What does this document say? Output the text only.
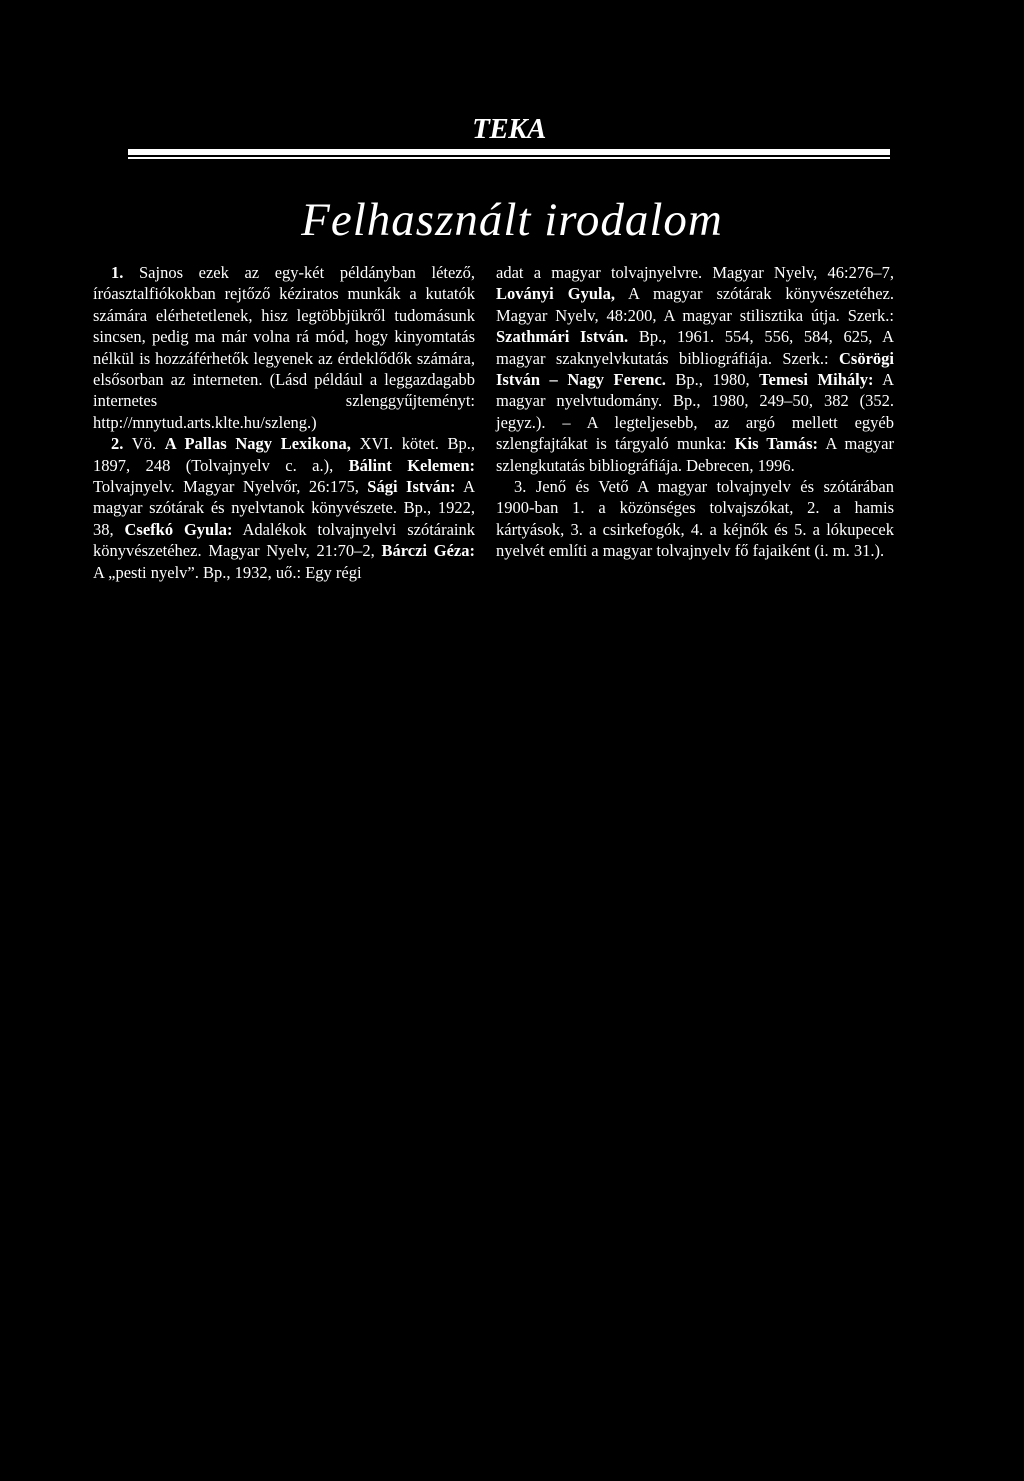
TEKA
Felhasznált irodalom

1. Sajnos ezek az egy-két példányban létező, íróasztalfiókokban rejtőző kéziratos munkák a kutatók számára elérhetetlenek, hisz legtöbbjükről tudomásunk sincsen, pedig ma már volna rá mód, hogy kinyomtatás nélkül is hozzáférhetők legyenek az érdeklődők számára, elsősorban az interneten. (Lásd például a leggazdagabb internetes szlenggyűjteményt: http://mnytud.arts.klte.hu/szleng.)

2. Vö. A Pallas Nagy Lexikona, XVI. kötet. Bp., 1897, 248 (Tolvajnyelv c. a.), Bálint Kelemen: Tolvajnyelv. Magyar Nyelvőr, 26:175, Sági István: A magyar szótárak és nyelvtanok könyvészete. Bp., 1922, 38, Csefkó Gyula: Adalékok tolvajnyelvi szótáraink könyvészetéhez. Magyar Nyelv, 21:70–2, Bárczi Géza: A „pesti nyelv”. Bp., 1932, uő.: Egy régi

adat a magyar tolvajnyelvre. Magyar Nyelv, 46:276–7, Loványi Gyula, A magyar szótárak könyvészetéhez. Magyar Nyelv, 48:200, A magyar stilisztika útja. Szerk.: Szathmári István. Bp., 1961. 554, 556, 584, 625, A magyar szaknyelvkutatás bibliográfiája. Szerk.: Csörögi István – Nagy Ferenc. Bp., 1980, Temesi Mihály: A magyar nyelvtudomány. Bp., 1980, 249–50, 382 (352. jegyz.). – A legteljesebb, az argó mellett egyéb szlengfajtákat is tárgyaló munka: Kis Tamás: A magyar szlengkutatás bibliográfiája. Debrecen, 1996.

3. Jenő és Vető A magyar tolvajnyelv és szótárában 1900-ban 1. a közönséges tolvajszókat, 2. a hamis kártyások, 3. a csirkefogók, 4. a kéjnők és 5. a lókupecek nyelvét említi a magyar tolvajnyelv fő fajaiként (i. m. 31.).
